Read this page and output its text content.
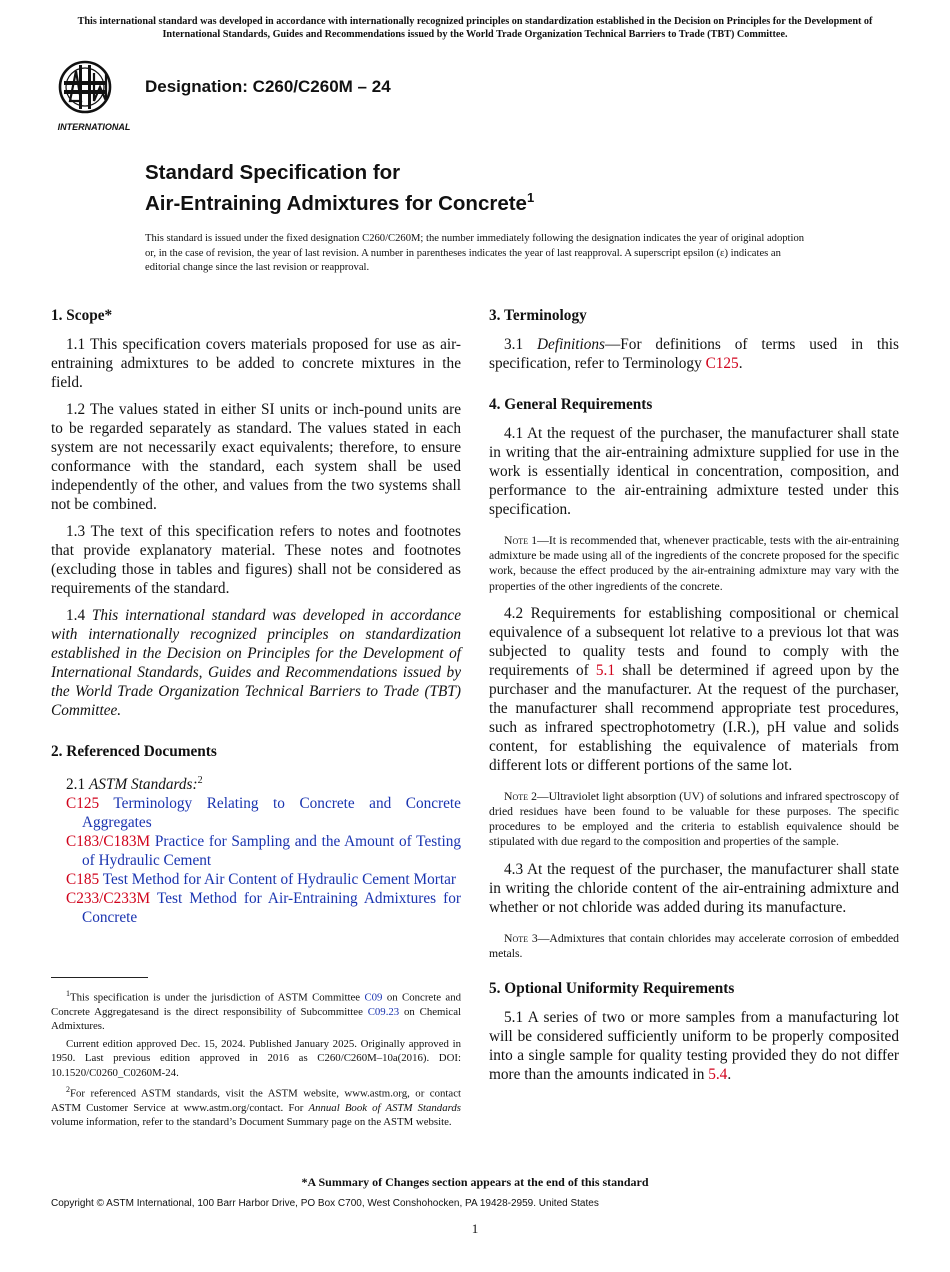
This international standard was developed in accordance with internationally recognized principles on standardization established in the Decision on Principles for the Development of International Standards, Guides and Recommendations issued by the World Trade Organization Technical Barriers to Trade (TBT) Committee.
INTERNATIONAL
Designation: C260/C260M – 24
Standard Specification for
Air-Entraining Admixtures for Concrete$^1$
This standard is issued under the fixed designation C260/C260M; the number immediately following the designation indicates the year of original adoption or, in the case of revision, the year of last revision. A number in parentheses indicates the year of last reapproval. A superscript epsilon (ε) indicates an editorial change since the last revision or reapproval.
1. Scope*

1.1 This specification covers materials proposed for use as air-entraining admixtures to be added to concrete mixtures in the field.

1.2 The values stated in either SI units or inch-pound units are to be regarded separately as standard. The values stated in each system are not necessarily exact equivalents; therefore, to ensure conformance with the standard, each system shall be used independently of the other, and values from the two systems shall not be combined.

1.3 The text of this specification refers to notes and footnotes that provide explanatory material. These notes and footnotes (excluding those in tables and figures) shall not be considered as requirements of the standard.

1.4 This international standard was developed in accordance with internationally recognized principles on standardization established in the Decision on Principles for the Development of International Standards, Guides and Recommendations issued by the World Trade Organization Technical Barriers to Trade (TBT) Committee.

2. Referenced Documents

2.1 ASTM Standards:$^2$

C125 Terminology Relating to Concrete and Concrete Aggregates
C183/C183M Practice for Sampling and the Amount of Testing of Hydraulic Cement
C185 Test Method for Air Content of Hydraulic Cement Mortar
C233/C233M Test Method for Air-Entraining Admixtures for Concrete

$^1$This specification is under the jurisdiction of ASTM Committee C09 on Concrete and Concrete Aggregatesand is the direct responsibility of Subcommittee C09.23 on Chemical Admixtures.

Current edition approved Dec. 15, 2024. Published January 2025. Originally approved in 1950. Last previous edition approved in 2016 as C260/C260M–10a(2016). DOI: 10.1520/C0260_C0260M-24.

$^2$For referenced ASTM standards, visit the ASTM website, www.astm.org, or contact ASTM Customer Service at www.astm.org/contact. For Annual Book of ASTM Standards volume information, refer to the standard’s Document Summary page on the ASTM website.

3. Terminology

3.1 Definitions—For definitions of terms used in this specification, refer to Terminology C125.

4. General Requirements

4.1 At the request of the purchaser, the manufacturer shall state in writing that the air-entraining admixture supplied for use in the work is essentially identical in concentration, composition, and performance to the air-entraining admixture tested under this specification.

Note 1—It is recommended that, whenever practicable, tests with the air-entraining admixture be made using all of the ingredients of the concrete proposed for the specific work, because the effect produced by the air-entraining admixture may vary with the properties of the other ingredients of the concrete.

4.2 Requirements for establishing compositional or chemical equivalence of a subsequent lot relative to a previous lot that was subjected to quality tests and found to comply with the requirements of 5.1 shall be determined if agreed upon by the purchaser and the manufacturer. At the request of the purchaser, the manufacturer shall recommend appropriate test procedures, such as infrared spectrophotometry (I.R.), pH value and solids content, for establishing the equivalence of materials from different lots or different portions of the same lot.

Note 2—Ultraviolet light absorption (UV) of solutions and infrared spectroscopy of dried residues have been found to be valuable for these purposes. The specific procedures to be employed and the criteria to establish equivalence should be stipulated with due regard to the composition and properties of the sample.

4.3 At the request of the purchaser, the manufacturer shall state in writing the chloride content of the air-entraining admixture and whether or not chloride was added during its manufacture.

Note 3—Admixtures that contain chlorides may accelerate corrosion of embedded metals.
5. Optional Uniformity Requirements

5.1 A series of two or more samples from a manufacturing lot will be considered sufficiently uniform to be properly composited into a single sample for quality testing provided they do not differ more than the amounts indicated in 5.4.

*A Summary of Changes section appears at the end of this standard
Copyright © ASTM International, 100 Barr Harbor Drive, PO Box C700, West Conshohocken, PA 19428-2959. United States
1
